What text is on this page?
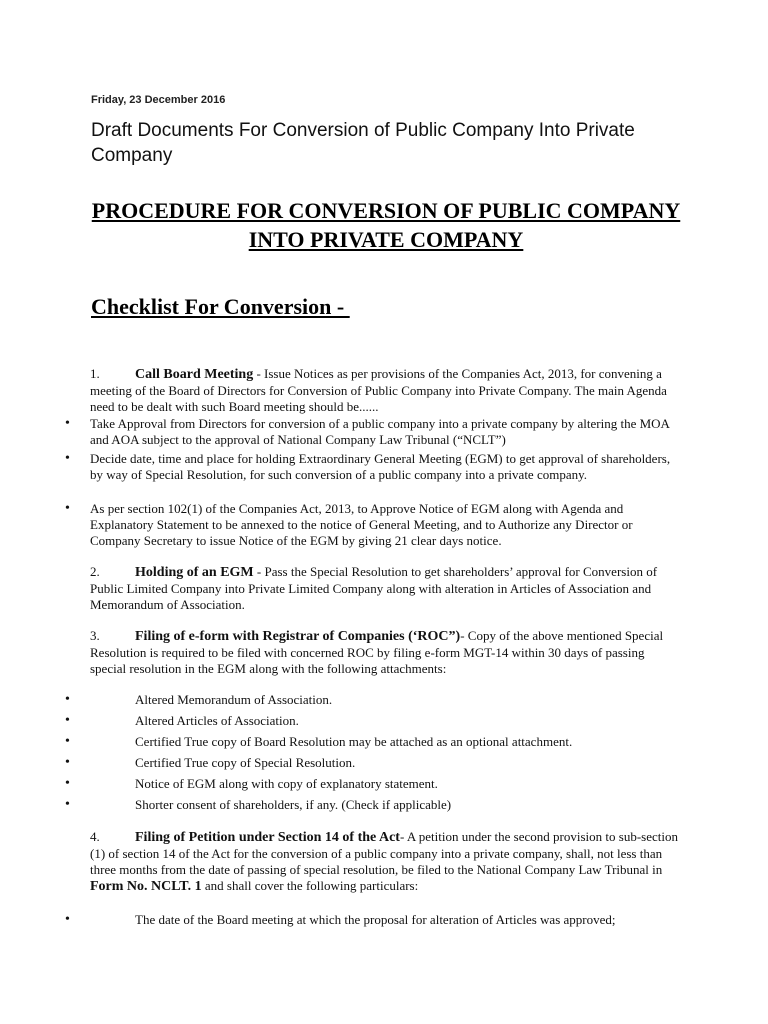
Friday, 23 December 2016
Draft Documents For Conversion of Public Company Into Private Company
PROCEDURE FOR CONVERSION OF PUBLIC COMPANY INTO PRIVATE COMPANY
Checklist For Conversion -
1.	Call Board Meeting - Issue Notices as per provisions of the Companies Act, 2013, for convening a meeting of the Board of Directors for Conversion of Public Company into Private Company. The main Agenda need to be dealt with such Board meeting should be......
• Take Approval from Directors for conversion of a public company into a private company by altering the MOA and AOA subject to the approval of National Company Law Tribunal (“NCLT”)
• Decide date, time and place for holding Extraordinary General Meeting (EGM) to get approval of shareholders, by way of Special Resolution, for such conversion of a public company into a private company.
• As per section 102(1) of the Companies Act, 2013, to Approve Notice of EGM along with Agenda and Explanatory Statement to be annexed to the notice of General Meeting, and to Authorize any Director or Company Secretary to issue Notice of the EGM by giving 21 clear days notice.
2.	Holding of an EGM - Pass the Special Resolution to get shareholders’ approval for Conversion of Public Limited Company into Private Limited Company along with alteration in Articles of Association and Memorandum of Association.
3.	Filing of e-form with Registrar of Companies (‘ROC”)- Copy of the above mentioned Special Resolution is required to be filed with concerned ROC by filing e-form MGT-14 within 30 days of passing special resolution in the EGM along with the following attachments:
•	Altered Memorandum of Association.
•	Altered Articles of Association.
•	Certified True copy of Board Resolution may be attached as an optional attachment.
•	Certified True copy of Special Resolution.
•	Notice of EGM along with copy of explanatory statement.
•	Shorter consent of shareholders, if any. (Check if applicable)
4.	Filing of Petition under Section 14 of the Act- A petition under the second provision to sub-section (1) of section 14 of the Act for the conversion of a public company into a private company, shall, not less than three months from the date of passing of special resolution, be filed to the National Company Law Tribunal in Form No. NCLT. 1 and shall cover the following particulars:
•	The date of the Board meeting at which the proposal for alteration of Articles was approved;
